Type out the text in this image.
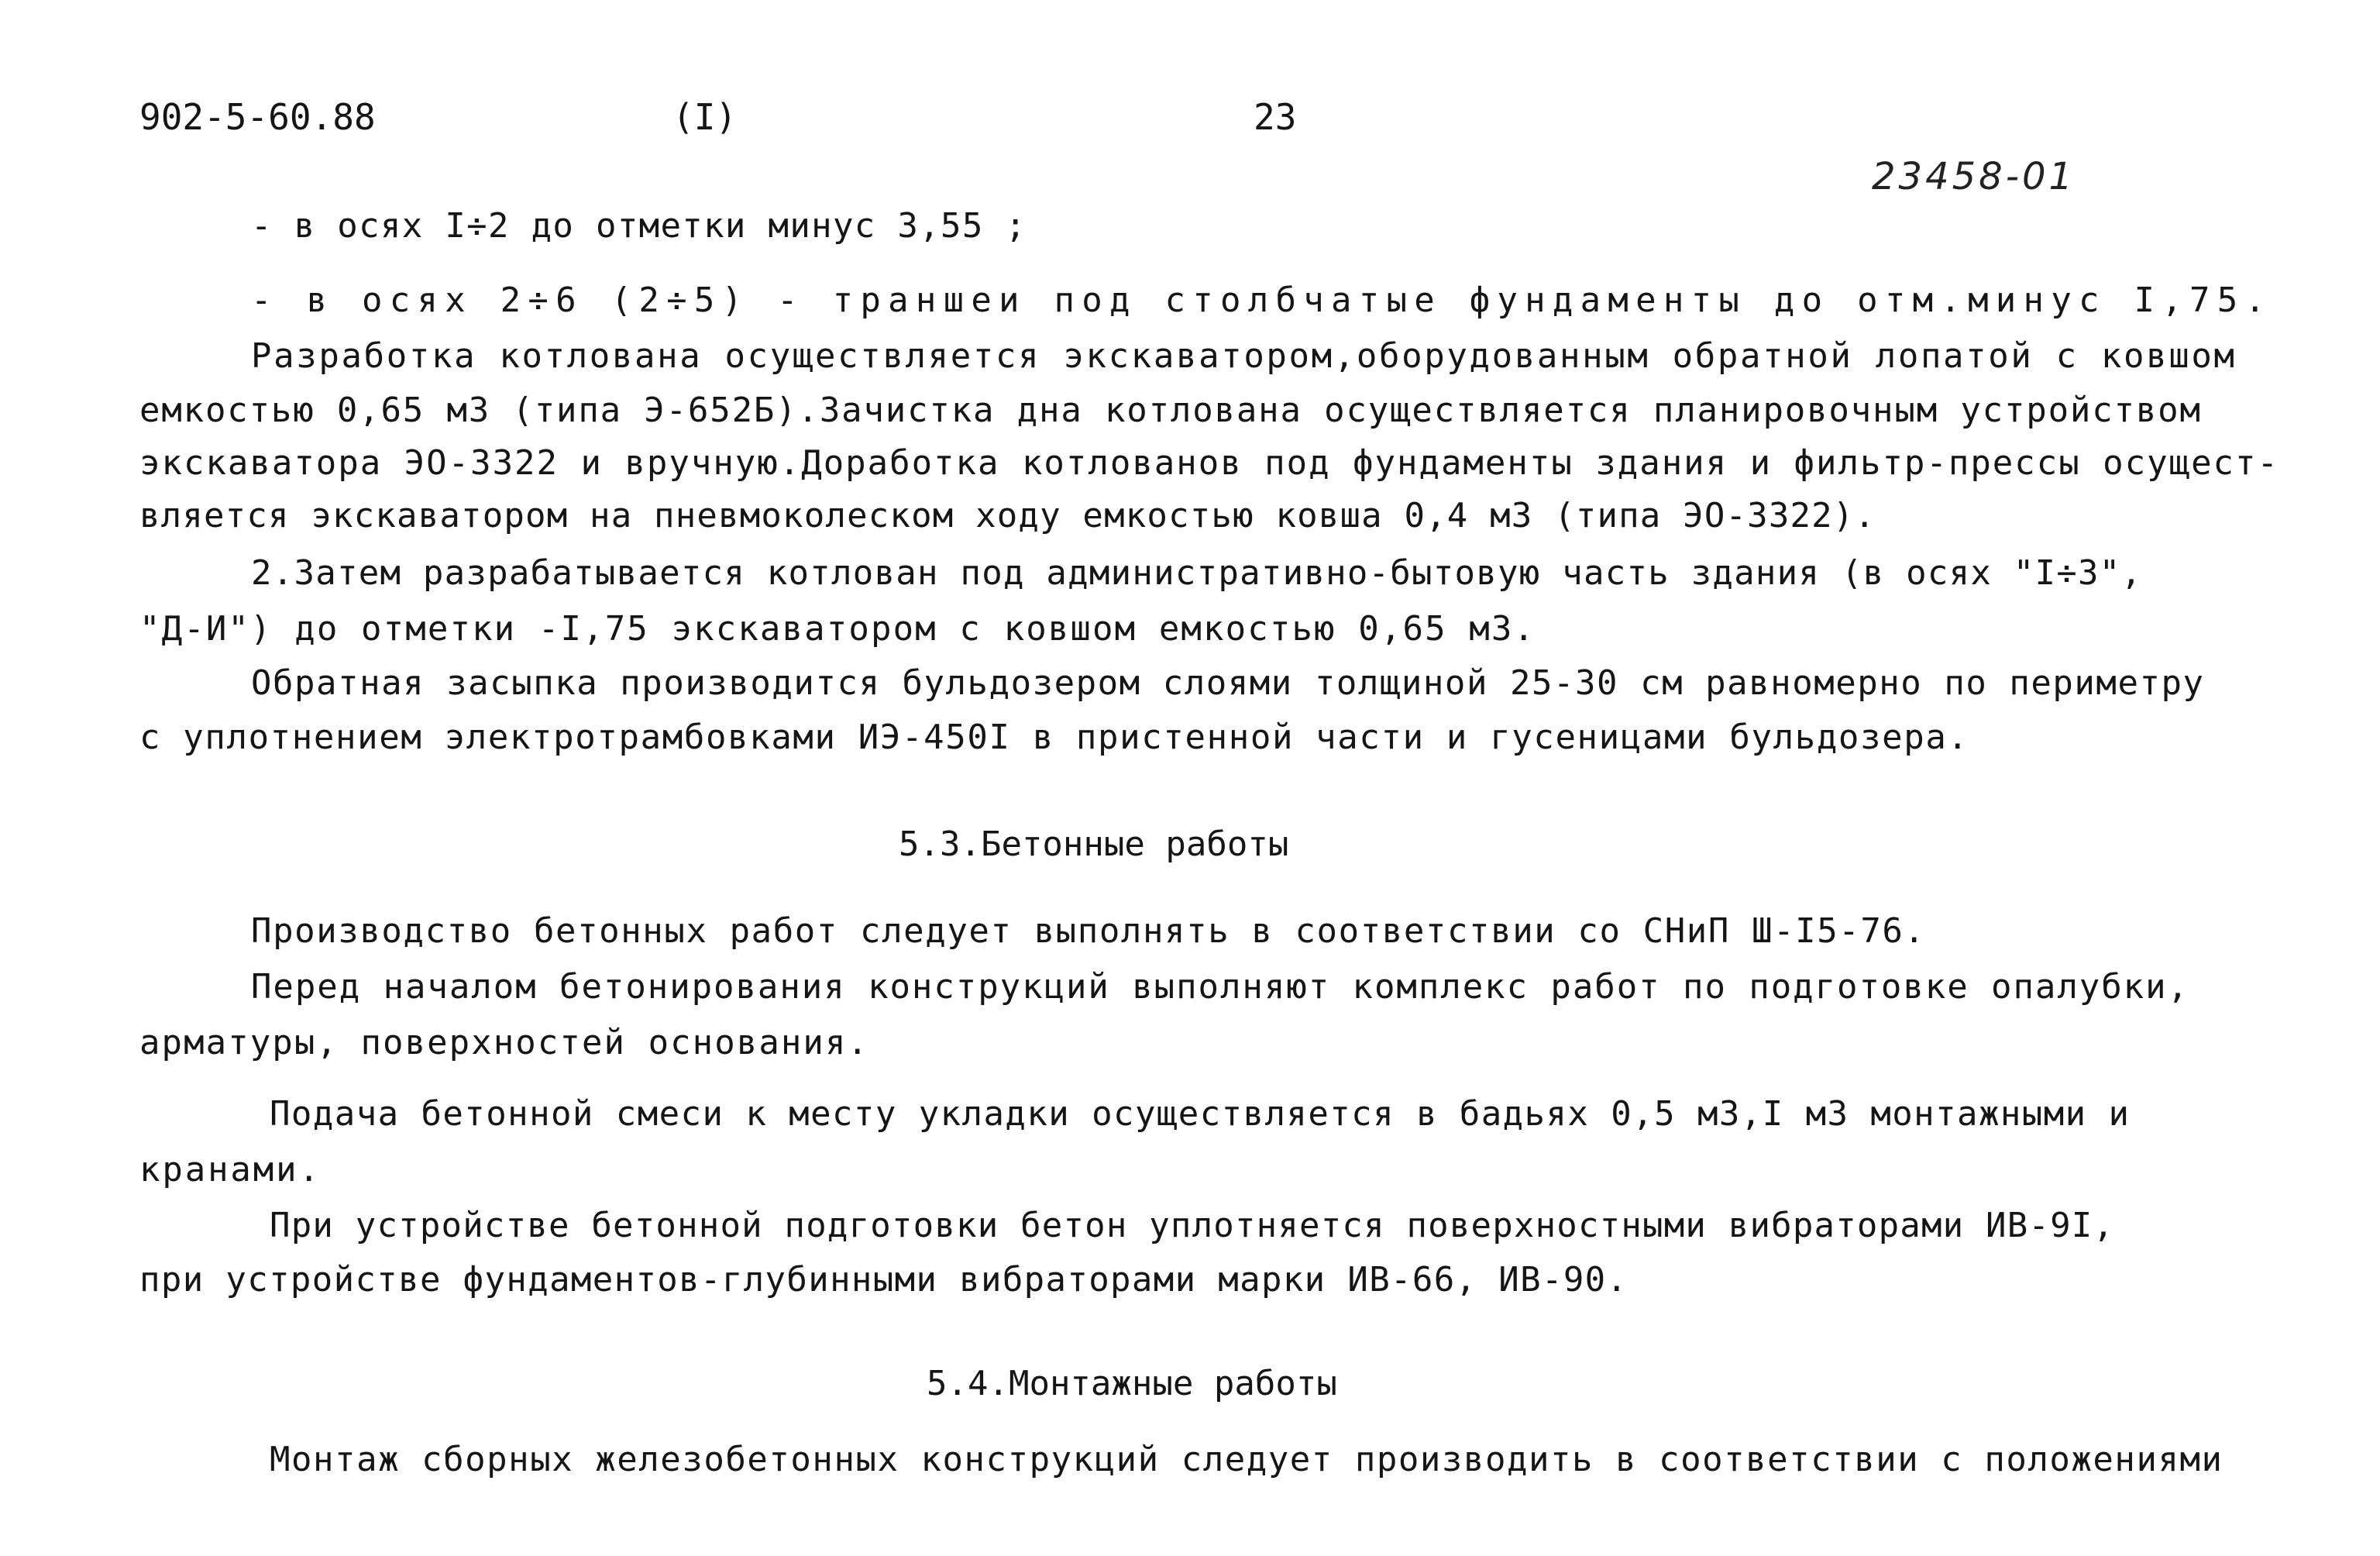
902-5-60.88	(I)	23
23458-01
- в осях I÷2 до отметки минус 3,55 ;
- в осях 2÷6 (2÷5) - траншеи под столбчатые фундаменты до отм.минус I,75.
Разработка котлована осуществляется экскаватором,оборудованным обратной лопатой с ковшом
емкостью 0,65 м3 (типа Э-652Б).Зачистка дна котлована осуществляется планировочным устройством
экскаватора ЭО-3322 и вручную.Доработка котлованов под фундаменты здания и фильтр-прессы осущест-
вляется экскаватором на пневмоколеском ходу емкостью ковша 0,4 м3 (типа ЭО-3322).
2.Затем разрабатывается котлован под административно-бытовую часть здания (в осях "I÷3",
"Д-И") до отметки -I,75 экскаватором с ковшом емкостью 0,65 м3.
Обратная засыпка производится бульдозером слоями толщиной 25-30 см равномерно по периметру
с уплотнением электротрамбовками ИЭ-450I в пристенной части и гусеницами бульдозера.
5.3.Бетонные работы
Производство бетонных работ следует выполнять в соответствии со СНиП Ш-I5-76.
Перед началом бетонирования конструкций выполняют комплекс работ по подготовке опалубки,
арматуры, поверхностей основания.
Подача бетонной смеси к месту укладки осуществляется в бадьях 0,5 м3,I м3 монтажными и
кранами.
При устройстве бетонной подготовки бетон уплотняется поверхностными вибраторами ИВ-9I,
при устройстве фундаментов-глубинными вибраторами марки ИВ-66, ИВ-90.
5.4.Монтажные работы
Монтаж сборных железобетонных конструкций следует производить в соответствии с положениями
